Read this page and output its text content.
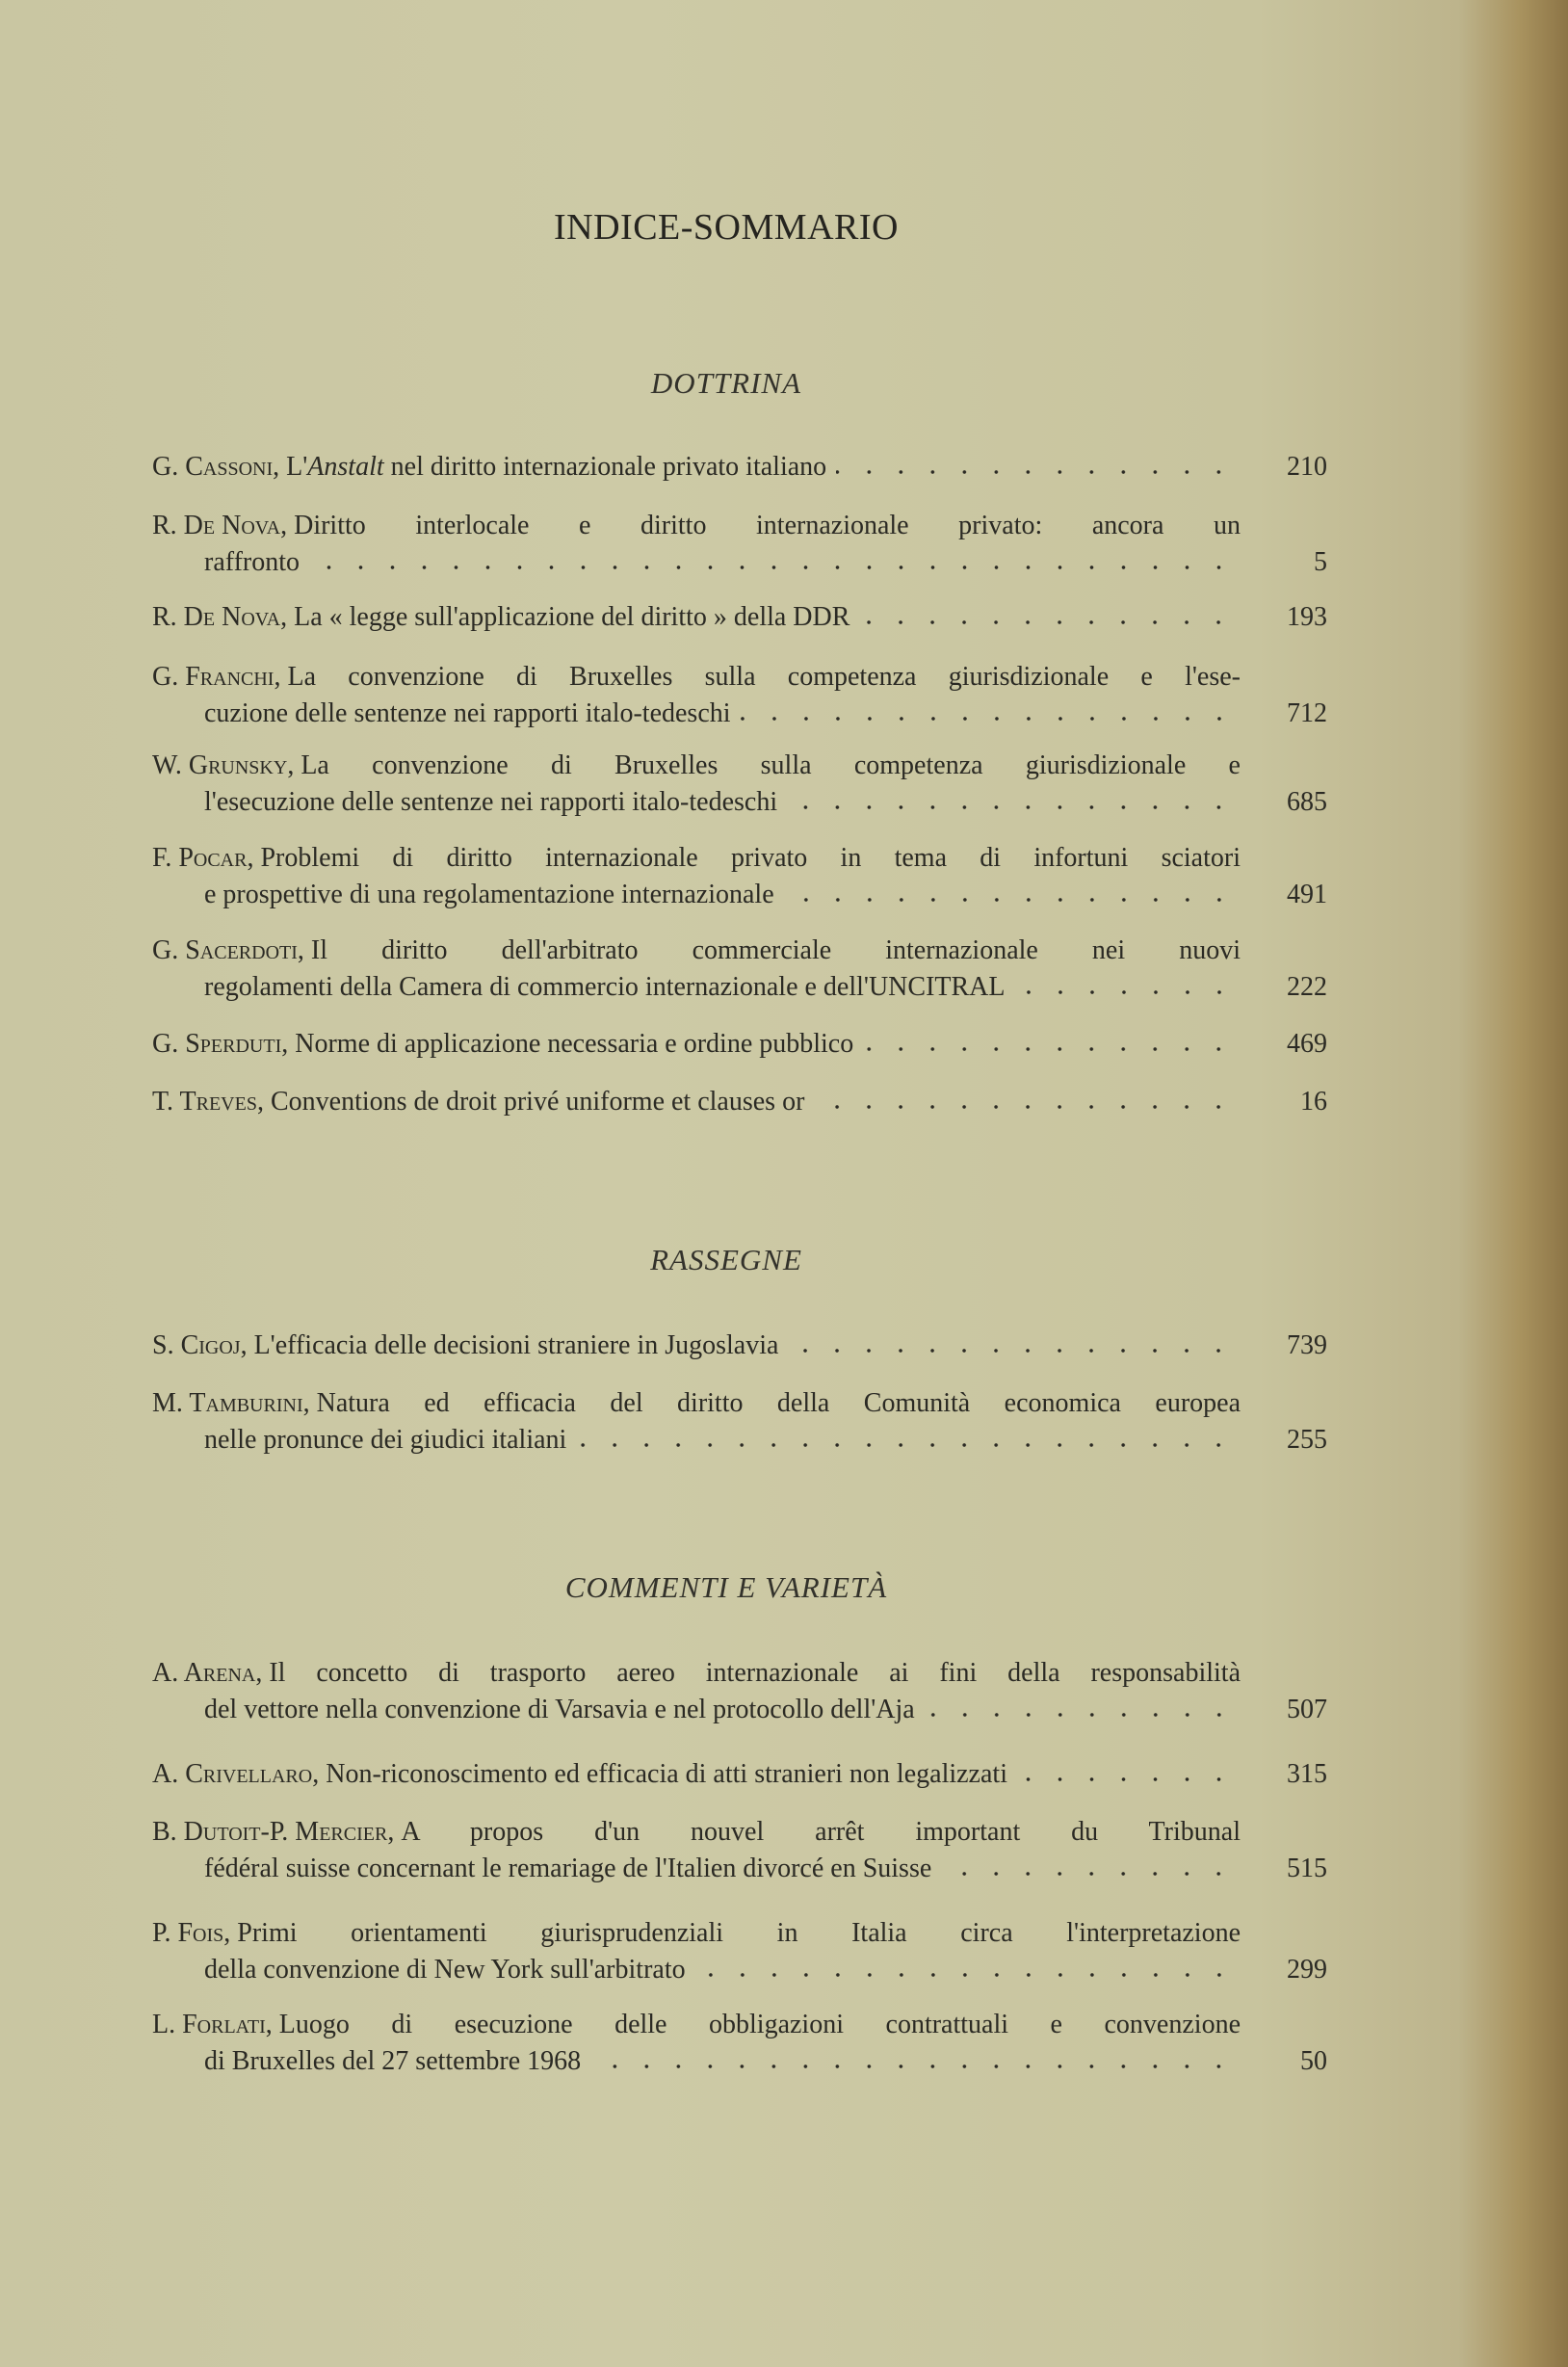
INDICE-SOMMARIO
DOTTRINA
G. Cassoni , L' Anstalt nel diritto internazionale privato italiano	210
R. De Nova , Diritto interlocale e diritto internazionale privato: ancora un
raffronto	5
R. De Nova , La « legge sull'applicazione del diritto » della DDR	193
G. Franchi , La convenzione di Bruxelles sulla competenza giurisdizionale e l'ese-
cuzione delle sentenze nei rapporti italo-tedeschi	712
W. Grunsky , La convenzione di Bruxelles sulla competenza giurisdizionale e
l'esecuzione delle sentenze nei rapporti italo-tedeschi	685
F. Pocar , Problemi di diritto internazionale privato in tema di infortuni sciatori
e prospettive di una regolamentazione internazionale	491
G. Sacerdoti , Il diritto dell'arbitrato commerciale internazionale nei nuovi
regolamenti della Camera di commercio internazionale e dell'UNCITRAL	222
G. Sperduti , Norme di applicazione necessaria e ordine pubblico	469
T. Treves , Conventions de droit privé uniforme et clauses or	16
RASSEGNE
S. Cigoj , L'efficacia delle decisioni straniere in Jugoslavia	739
M. Tamburini , Natura ed efficacia del diritto della Comunità economica europea
nelle pronunce dei giudici italiani	255
COMMENTI E VARIETÀ
A. Arena , Il concetto di trasporto aereo internazionale ai fini della responsabilità
del vettore nella convenzione di Varsavia e nel protocollo dell'Aja	507
A. Crivellaro , Non-riconoscimento ed efficacia di atti stranieri non legalizzati	315
B. Dutoit-P. Mercier , A propos d'un nouvel arrêt important du Tribunal
fédéral suisse concernant le remariage de l'Italien divorcé en Suisse	515
P. Fois , Primi orientamenti giurisprudenziali in Italia circa l'interpretazione
della convenzione di New York sull'arbitrato	299
L. Forlati , Luogo di esecuzione delle obbligazioni contrattuali e convenzione
di Bruxelles del 27 settembre 1968	50
